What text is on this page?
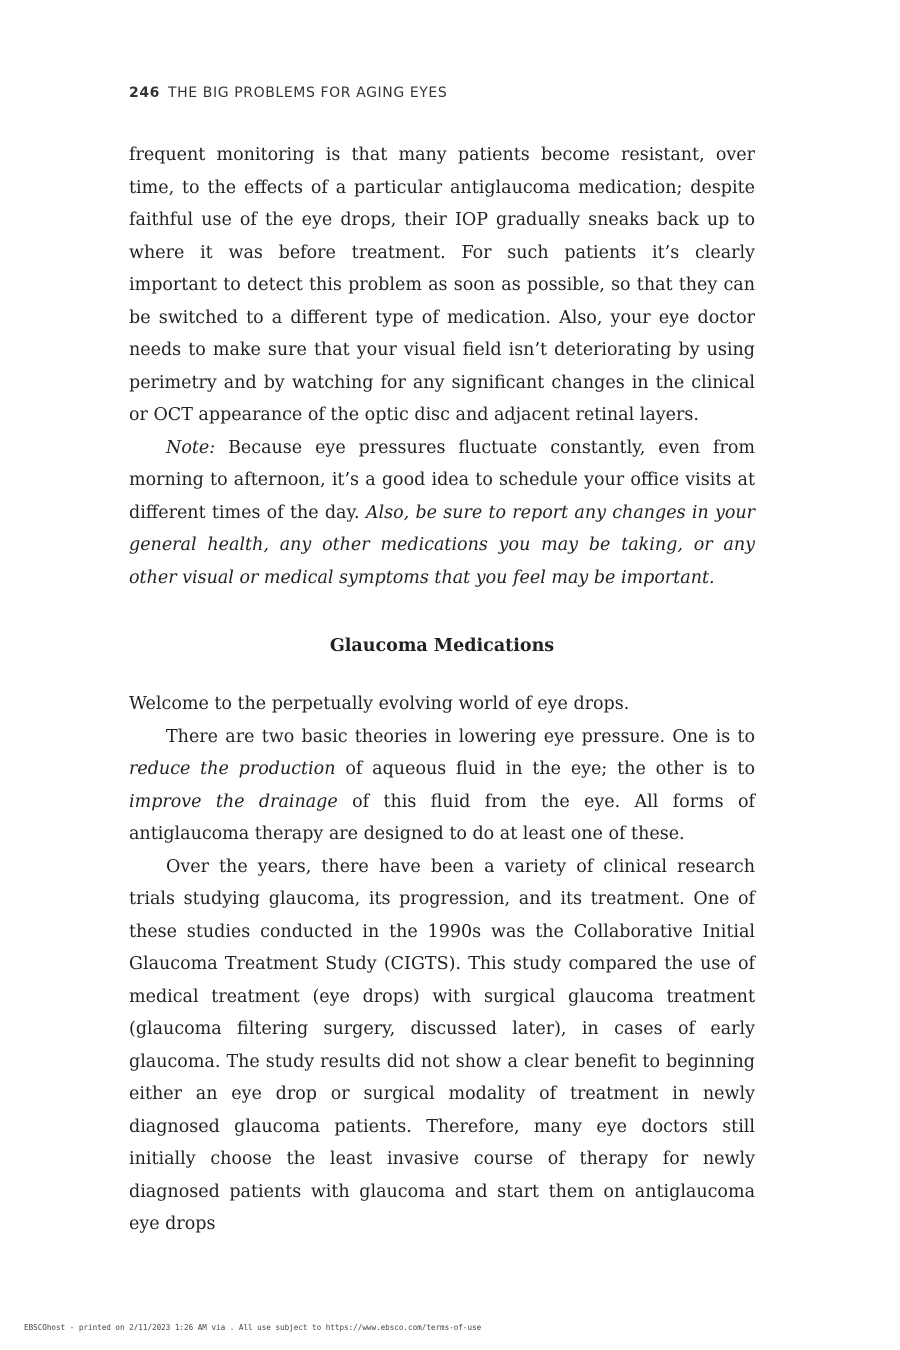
246 THE BIG PROBLEMS FOR AGING EYES

frequent monitoring is that many patients become resistant, over time, to the effects of a particular antiglaucoma medication; despite faithful use of the eye drops, their IOP gradually sneaks back up to where it was before treatment. For such patients it’s clearly important to detect this problem as soon as possible, so that they can be switched to a different type of medication. Also, your eye doctor needs to make sure that your visual field isn’t deteriorating by using perimetry and by watching for any significant changes in the clinical or OCT appearance of the optic disc and adjacent retinal layers.

Note: Because eye pressures fluctuate constantly, even from morning to afternoon, it’s a good idea to schedule your office visits at different times of the day. Also, be sure to report any changes in your general health, any other medications you may be taking, or any other visual or medical symptoms that you feel may be important.

Glaucoma Medications

Welcome to the perpetually evolving world of eye drops.

There are two basic theories in lowering eye pressure. One is to reduce the production of aqueous fluid in the eye; the other is to improve the drainage of this fluid from the eye. All forms of antiglaucoma therapy are designed to do at least one of these.

Over the years, there have been a variety of clinical research trials studying glaucoma, its progression, and its treatment. One of these studies conducted in the 1990s was the Collaborative Initial Glaucoma Treatment Study (CIGTS). This study compared the use of medical treatment (eye drops) with surgical glaucoma treatment (glaucoma filtering surgery, discussed later), in cases of early glaucoma. The study results did not show a clear benefit to beginning either an eye drop or surgical modality of treatment in newly diagnosed glaucoma patients. Therefore, many eye doctors still initially choose the least invasive course of therapy for newly diagnosed patients with glaucoma and start them on antiglaucoma eye drops

EBSCOhost - printed on 2/11/2023 1:26 AM via . All use subject to https://www.ebsco.com/terms-of-use
